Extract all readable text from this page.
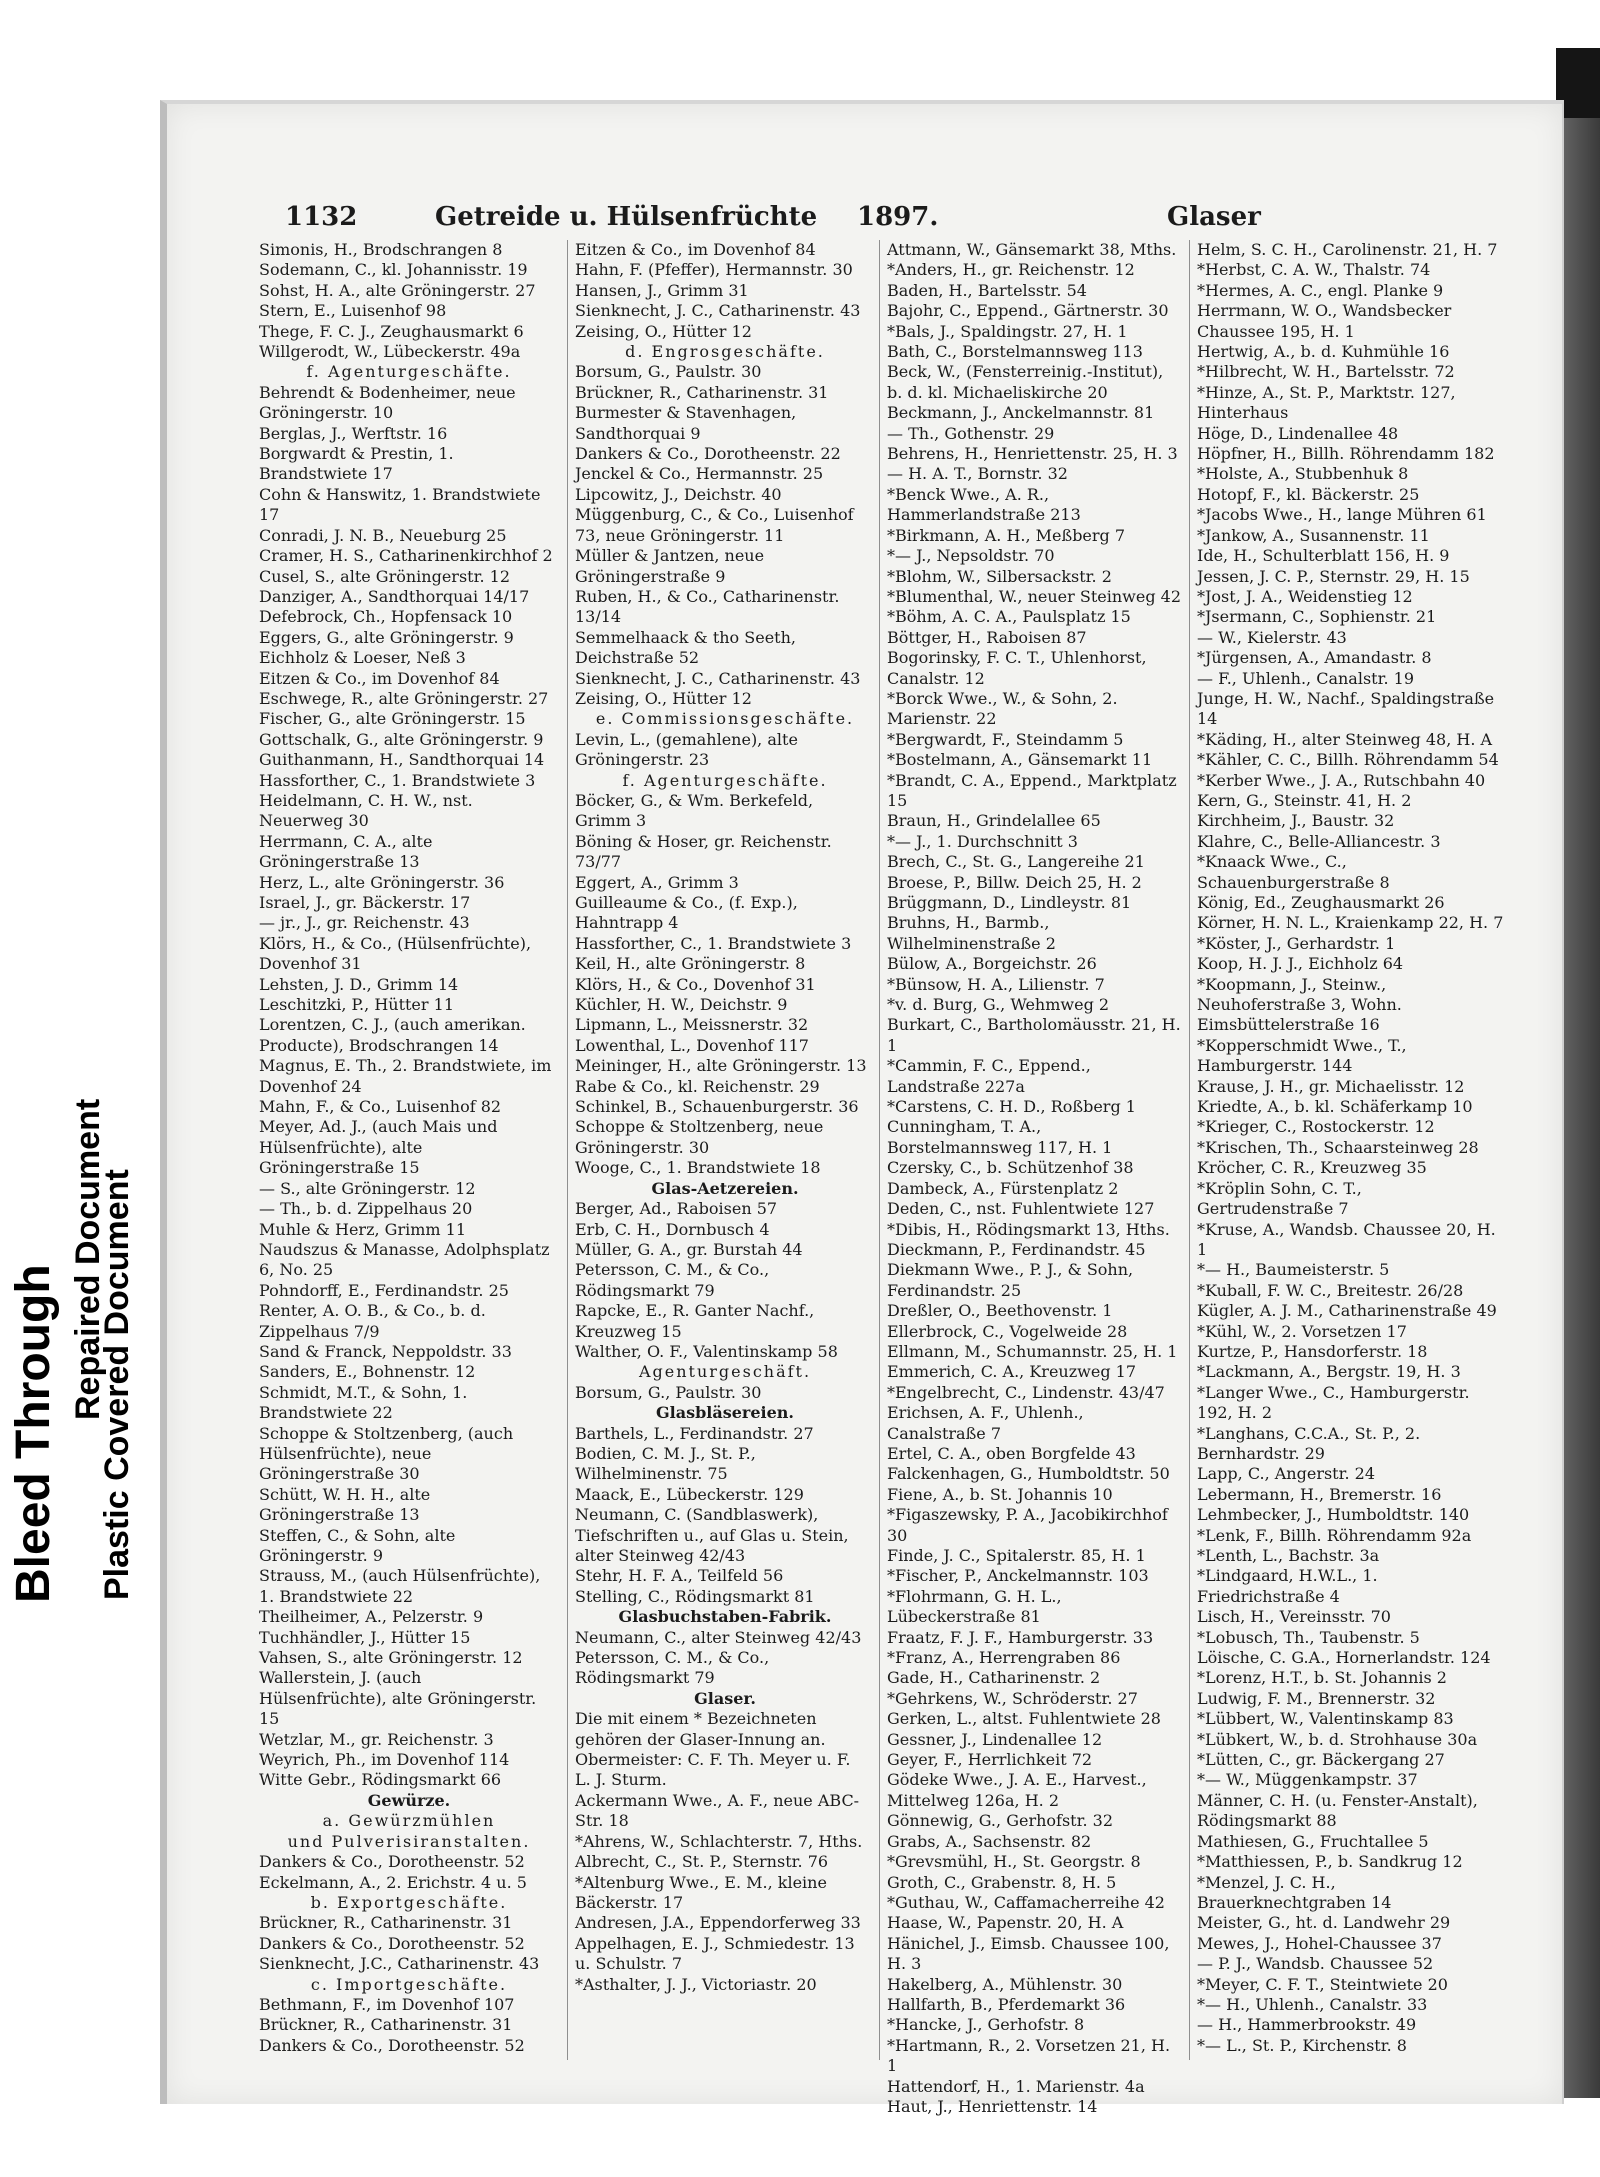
Bleed Through
Repaired Document
Plastic Covered Document
1132	Getreide u. Hülsenfrüchte 1897.	Glaser
Simonis, H., Brodschrangen 8
Sodemann, C., kl. Johannisstr. 19
Sohst, H. A., alte Gröningerstr. 27
Stern, E., Luisenhof 98
Thege, F. C. J., Zeughausmarkt 6
Willgerodt, W., Lübeckerstr. 49a
f. Agenturgeschäfte.
Behrendt & Bodenheimer, neue Gröningerstr. 10
Berglas, J., Werftstr. 16
Borgwardt & Prestin, 1. Brandstwiete 17
Cohn & Hanswitz, 1. Brandstwiete 17
Conradi, J. N. B., Neueburg 25
Cramer, H. S., Catharinenkirchhof 2
Cusel, S., alte Gröningerstr. 12
Danziger, A., Sandthorquai 14/17
Defebrock, Ch., Hopfensack 10
Eggers, G., alte Gröningerstr. 9
Eichholz & Loeser, Neß 3
Eitzen & Co., im Dovenhof 84
Eschwege, R., alte Gröningerstr. 27
Fischer, G., alte Gröningerstr. 15
Gottschalk, G., alte Gröningerstr. 9
Guithanmann, H., Sandthorquai 14
Hassforther, C., 1. Brandstwiete 3
Heidelmann, C. H. W., nst. Neuerweg 30
Herrmann, C. A., alte Gröningerstraße 13
Herz, L., alte Gröningerstr. 36
Israel, J., gr. Bäckerstr. 17
— jr., J., gr. Reichenstr. 43
Klörs, H., & Co., (Hülsenfrüchte), Dovenhof 31
Lehsten, J. D., Grimm 14
Leschitzki, P., Hütter 11
Lorentzen, C. J., (auch amerikan. Producte), Brodschrangen 14
Magnus, E. Th., 2. Brandstwiete, im Dovenhof 24
Mahn, F., & Co., Luisenhof 82
Meyer, Ad. J., (auch Mais und Hülsenfrüchte), alte Gröningerstraße 15
— S., alte Gröningerstr. 12
— Th., b. d. Zippelhaus 20
Muhle & Herz, Grimm 11
Naudszus & Manasse, Adolphsplatz 6, No. 25
Pohndorff, E., Ferdinandstr. 25
Renter, A. O. B., & Co., b. d. Zippelhaus 7/9
Sand & Franck, Neppoldstr. 33
Sanders, E., Bohnenstr. 12
Schmidt, M.T., & Sohn, 1. Brandstwiete 22
Schoppe & Stoltzenberg, (auch Hülsenfrüchte), neue Gröningerstraße 30
Schütt, W. H. H., alte Gröningerstraße 13
Steffen, C., & Sohn, alte Gröningerstr. 9
Strauss, M., (auch Hülsenfrüchte), 1. Brandstwiete 22
Theilheimer, A., Pelzerstr. 9
Tuchhändler, J., Hütter 15
Vahsen, S., alte Gröningerstr. 12
Wallerstein, J. (auch Hülsenfrüchte), alte Gröningerstr. 15
Wetzlar, M., gr. Reichenstr. 3
Weyrich, Ph., im Dovenhof 114
Witte Gebr., Rödingsmarkt 66
Gewürze.
a. Gewürzmühlen
und Pulverisiranstalten.
Dankers & Co., Dorotheenstr. 52
Eckelmann, A., 2. Erichstr. 4 u. 5
b. Exportgeschäfte.
Brückner, R., Catharinenstr. 31
Dankers & Co., Dorotheenstr. 52
Sienknecht, J.C., Catharinenstr. 43
c. Importgeschäfte.
Bethmann, F., im Dovenhof 107
Brückner, R., Catharinenstr. 31
Dankers & Co., Dorotheenstr. 52
Eitzen & Co., im Dovenhof 84
Hahn, F. (Pfeffer), Hermannstr. 30
Hansen, J., Grimm 31
Sienknecht, J. C., Catharinenstr. 43
Zeising, O., Hütter 12
d. Engrosgeschäfte.
Borsum, G., Paulstr. 30
Brückner, R., Catharinenstr. 31
Burmester & Stavenhagen, Sandthorquai 9
Dankers & Co., Dorotheenstr. 22
Jenckel & Co., Hermannstr. 25
Lipcowitz, J., Deichstr. 40
Müggenburg, C., & Co., Luisenhof 73, neue Gröningerstr. 11
Müller & Jantzen, neue Gröningerstraße 9
Ruben, H., & Co., Catharinenstr. 13/14
Semmelhaack & tho Seeth, Deichstraße 52
Sienknecht, J. C., Catharinenstr. 43
Zeising, O., Hütter 12
e. Commissionsgeschäfte.
Levin, L., (gemahlene), alte Gröningerstr. 23
f. Agenturgeschäfte.
Böcker, G., & Wm. Berkefeld, Grimm 3
Böning & Hoser, gr. Reichenstr. 73/77
Eggert, A., Grimm 3
Guilleaume & Co., (f. Exp.), Hahntrapp 4
Hassforther, C., 1. Brandstwiete 3
Keil, H., alte Gröningerstr. 8
Klörs, H., & Co., Dovenhof 31
Küchler, H. W., Deichstr. 9
Lipmann, L., Meissnerstr. 32
Lowenthal, L., Dovenhof 117
Meininger, H., alte Gröningerstr. 13
Rabe & Co., kl. Reichenstr. 29
Schinkel, B., Schauenburgerstr. 36
Schoppe & Stoltzenberg, neue Gröningerstr. 30
Wooge, C., 1. Brandstwiete 18
Glas-Aetzereien.
Berger, Ad., Raboisen 57
Erb, C. H., Dornbusch 4
Müller, G. A., gr. Burstah 44
Petersson, C. M., & Co., Rödingsmarkt 79
Rapcke, E., R. Ganter Nachf., Kreuzweg 15
Walther, O. F., Valentinskamp 58
Agenturgeschäft.
Borsum, G., Paulstr. 30
Glasbläsereien.
Barthels, L., Ferdinandstr. 27
Bodien, C. M. J., St. P., Wilhelminenstr. 75
Maack, E., Lübeckerstr. 129
Neumann, C. (Sandblaswerk), Tiefschriften u., auf Glas u. Stein, alter Steinweg 42/43
Stehr, H. F. A., Teilfeld 56
Stelling, C., Rödingsmarkt 81
Glasbuchstaben-Fabrik.
Neumann, C., alter Steinweg 42/43
Petersson, C. M., & Co., Rödingsmarkt 79
Glaser.
Die mit einem * Bezeichneten gehören der Glaser-Innung an. Obermeister: C. F. Th. Meyer u. F. L. J. Sturm.
Ackermann Wwe., A. F., neue ABC-Str. 18
*Ahrens, W., Schlachterstr. 7, Hths.
Albrecht, C., St. P., Sternstr. 76
*Altenburg Wwe., E. M., kleine Bäckerstr. 17
Andresen, J.A., Eppendorferweg 33
Appelhagen, E. J., Schmiedestr. 13 u. Schulstr. 7
*Asthalter, J. J., Victoriastr. 20
Attmann, W., Gänsemarkt 38, Mths.
*Anders, H., gr. Reichenstr. 12
Baden, H., Bartelsstr. 54
Bajohr, C., Eppend., Gärtnerstr. 30
*Bals, J., Spaldingstr. 27, H. 1
Bath, C., Borstelmannsweg 113
Beck, W., (Fensterreinig.-Institut), b. d. kl. Michaeliskirche 20
Beckmann, J., Anckelmannstr. 81
— Th., Gothenstr. 29
Behrens, H., Henriettenstr. 25, H. 3
— H. A. T., Bornstr. 32
*Benck Wwe., A. R., Hammerlandstraße 213
*Birkmann, A. H., Meßberg 7
*— J., Nepsoldstr. 70
*Blohm, W., Silbersackstr. 2
*Blumenthal, W., neuer Steinweg 42
*Böhm, A. C. A., Paulsplatz 15
Böttger, H., Raboisen 87
Bogorinsky, F. C. T., Uhlenhorst, Canalstr. 12
*Borck Wwe., W., & Sohn, 2. Marienstr. 22
*Bergwardt, F., Steindamm 5
*Bostelmann, A., Gänsemarkt 11
*Brandt, C. A., Eppend., Marktplatz 15
Braun, H., Grindelallee 65
*— J., 1. Durchschnitt 3
Brech, C., St. G., Langereihe 21
Broese, P., Billw. Deich 25, H. 2
Brüggmann, D., Lindleystr. 81
Bruhns, H., Barmb., Wilhelminenstraße 2
Bülow, A., Borgeichstr. 26
*Bünsow, H. A., Lilienstr. 7
*v. d. Burg, G., Wehmweg 2
Burkart, C., Bartholomäusstr. 21, H. 1
*Cammin, F. C., Eppend., Landstraße 227a
*Carstens, C. H. D., Roßberg 1
Cunningham, T. A., Borstelmannsweg 117, H. 1
Czersky, C., b. Schützenhof 38
Dambeck, A., Fürstenplatz 2
Deden, C., nst. Fuhlentwiete 127
*Dibis, H., Rödingsmarkt 13, Hths.
Dieckmann, P., Ferdinandstr. 45
Diekmann Wwe., P. J., & Sohn, Ferdinandstr. 25
Dreßler, O., Beethovenstr. 1
Ellerbrock, C., Vogelweide 28
Ellmann, M., Schumannstr. 25, H. 1
Emmerich, C. A., Kreuzweg 17
*Engelbrecht, C., Lindenstr. 43/47
Erichsen, A. F., Uhlenh., Canalstraße 7
Ertel, C. A., oben Borgfelde 43
Falckenhagen, G., Humboldtstr. 50
Fiene, A., b. St. Johannis 10
*Figaszewsky, P. A., Jacobikirchhof 30
Finde, J. C., Spitalerstr. 85, H. 1
*Fischer, P., Anckelmannstr. 103
*Flohrmann, G. H. L., Lübeckerstraße 81
Fraatz, F. J. F., Hamburgerstr. 33
*Franz, A., Herrengraben 86
Gade, H., Catharinenstr. 2
*Gehrkens, W., Schröderstr. 27
Gerken, L., altst. Fuhlentwiete 28
Gessner, J., Lindenallee 12
Geyer, F., Herrlichkeit 72
Gödeke Wwe., J. A. E., Harvest., Mittelweg 126a, H. 2
Gönnewig, G., Gerhofstr. 32
Grabs, A., Sachsenstr. 82
*Grevsmühl, H., St. Georgstr. 8
Groth, C., Grabenstr. 8, H. 5
*Guthau, W., Caffamacherreihe 42
Haase, W., Papenstr. 20, H. A
Hänichel, J., Eimsb. Chaussee 100, H. 3
Hakelberg, A., Mühlenstr. 30
Hallfarth, B., Pferdemarkt 36
*Hancke, J., Gerhofstr. 8
*Hartmann, R., 2. Vorsetzen 21, H. 1
Hattendorf, H., 1. Marienstr. 4a
Haut, J., Henriettenstr. 14
Helm, S. C. H., Carolinenstr. 21, H. 7
*Herbst, C. A. W., Thalstr. 74
*Hermes, A. C., engl. Planke 9
Herrmann, W. O., Wandsbecker Chaussee 195, H. 1
Hertwig, A., b. d. Kuhmühle 16
*Hilbrecht, W. H., Bartelsstr. 72
*Hinze, A., St. P., Marktstr. 127, Hinterhaus
Höge, D., Lindenallee 48
Höpfner, H., Billh. Röhrendamm 182
*Holste, A., Stubbenhuk 8
Hotopf, F., kl. Bäckerstr. 25
*Jacobs Wwe., H., lange Mühren 61
*Jankow, A., Susannenstr. 11
Ide, H., Schulterblatt 156, H. 9
Jessen, J. C. P., Sternstr. 29, H. 15
*Jost, J. A., Weidenstieg 12
*Jsermann, C., Sophienstr. 21
— W., Kielerstr. 43
*Jürgensen, A., Amandastr. 8
— F., Uhlenh., Canalstr. 19
Junge, H. W., Nachf., Spaldingstraße 14
*Käding, H., alter Steinweg 48, H. A
*Kähler, C. C., Billh. Röhrendamm 54
*Kerber Wwe., J. A., Rutschbahn 40
Kern, G., Steinstr. 41, H. 2
Kirchheim, J., Baustr. 32
Klahre, C., Belle-Alliancestr. 3
*Knaack Wwe., C., Schauenburgerstraße 8
König, Ed., Zeughausmarkt 26
Körner, H. N. L., Kraienkamp 22, H. 7
*Köster, J., Gerhardstr. 1
Koop, H. J. J., Eichholz 64
*Koopmann, J., Steinw., Neuhoferstraße 3, Wohn. Eimsbüttelerstraße 16
*Kopperschmidt Wwe., T., Hamburgerstr. 144
Krause, J. H., gr. Michaelisstr. 12
Kriedte, A., b. kl. Schäferkamp 10
*Krieger, C., Rostockerstr. 12
*Krischen, Th., Schaarsteinweg 28
Kröcher, C. R., Kreuzweg 35
*Kröplin Sohn, C. T., Gertrudenstraße 7
*Kruse, A., Wandsb. Chaussee 20, H. 1
*— H., Baumeisterstr. 5
*Kuball, F. W. C., Breitestr. 26/28
Kügler, A. J. M., Catharinenstraße 49
*Kühl, W., 2. Vorsetzen 17
Kurtze, P., Hansdorferstr. 18
*Lackmann, A., Bergstr. 19, H. 3
*Langer Wwe., C., Hamburgerstr. 192, H. 2
*Langhans, C.C.A., St. P., 2. Bernhardstr. 29
Lapp, C., Angerstr. 24
Lebermann, H., Bremerstr. 16
Lehmbecker, J., Humboldtstr. 140
*Lenk, F., Billh. Röhrendamm 92a
*Lenth, L., Bachstr. 3a
*Lindgaard, H.W.L., 1. Friedrichstraße 4
Lisch, H., Vereinsstr. 70
*Lobusch, Th., Taubenstr. 5
Löische, C. G.A., Hornerlandstr. 124
*Lorenz, H.T., b. St. Johannis 2
Ludwig, F. M., Brennerstr. 32
*Lübbert, W., Valentinskamp 83
*Lübkert, W., b. d. Strohhause 30a
*Lütten, C., gr. Bäckergang 27
*— W., Müggenkampstr. 37
Männer, C. H. (u. Fenster-Anstalt), Rödingsmarkt 88
Mathiesen, G., Fruchtallee 5
*Matthiessen, P., b. Sandkrug 12
*Menzel, J. C. H., Brauerknechtgraben 14
Meister, G., ht. d. Landwehr 29
Mewes, J., Hohel-Chaussee 37
— P. J., Wandsb. Chaussee 52
*Meyer, C. F. T., Steintwiete 20
*— H., Uhlenh., Canalstr. 33
— H., Hammerbrookstr. 49
*— L., St. P., Kirchenstr. 8
